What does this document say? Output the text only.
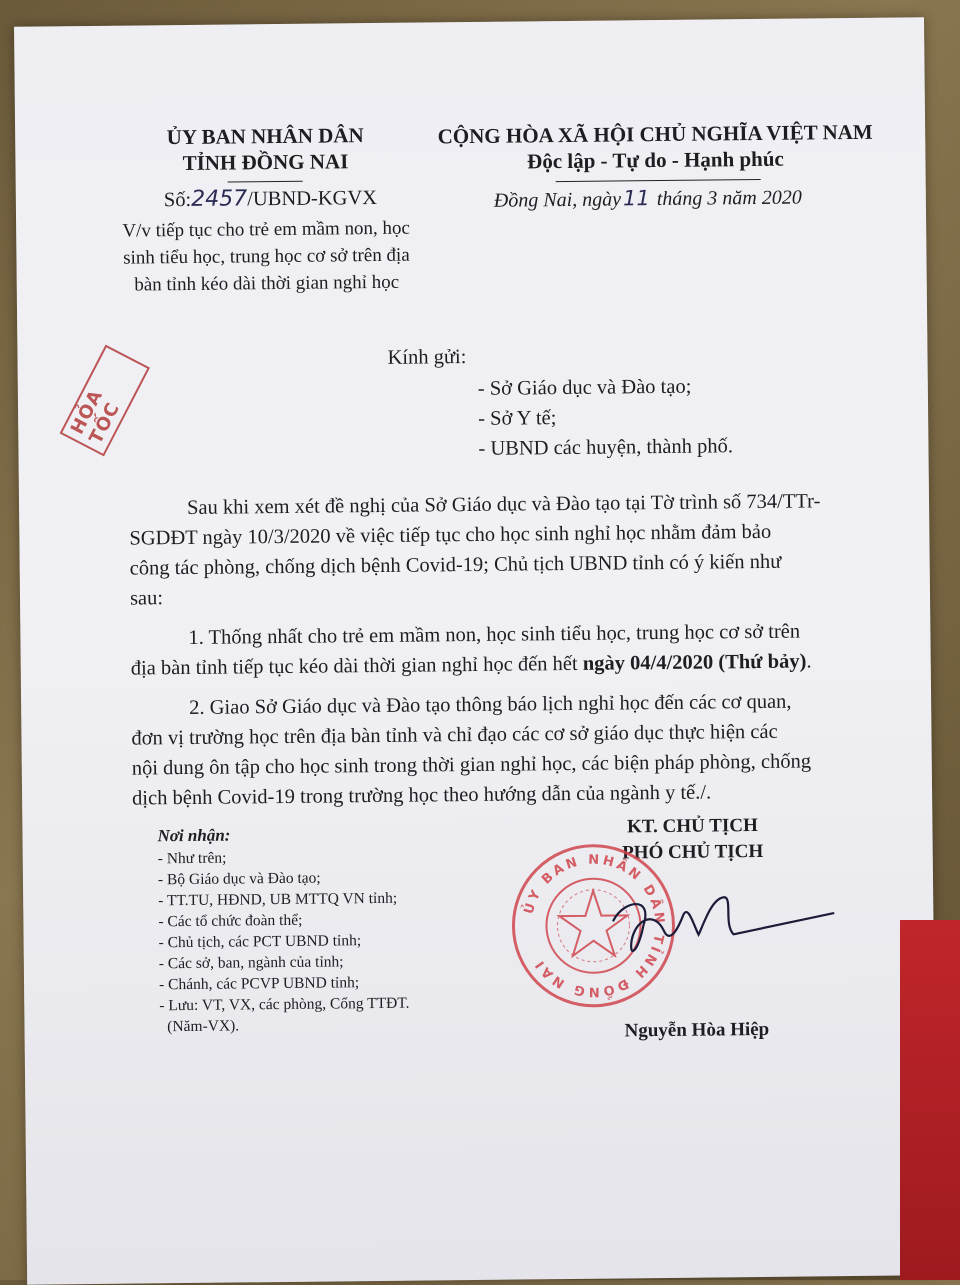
ỦY BAN NHÂN DÂN
TỈNH ĐỒNG NAI
Số:2457/UBND-KGVX
V/v tiếp tục cho trẻ em mầm non, học
sinh tiểu học, trung học cơ sở trên địa
bàn tỉnh kéo dài thời gian nghỉ học
CỘNG HÒA XÃ HỘI CHỦ NGHĨA VIỆT NAM
Độc lập - Tự do - Hạnh phúc
Đồng Nai, ngày11 tháng 3 năm 2020
HỎA TỐC
Kính gửi:
- Sở Giáo dục và Đào tạo;
- Sở Y tế;
- UBND các huyện, thành phố.
Sau khi xem xét đề nghị của Sở Giáo dục và Đào tạo tại Tờ trình số 734/TTr-
SGDĐT ngày 10/3/2020 về việc tiếp tục cho học sinh nghỉ học nhằm đảm bảo
công tác phòng, chống dịch bệnh Covid-19; Chủ tịch UBND tỉnh có ý kiến như
sau:
1. Thống nhất cho trẻ em mầm non, học sinh tiểu học, trung học cơ sở trên
địa bàn tỉnh tiếp tục kéo dài thời gian nghỉ học đến hết ngày 04/4/2020 (Thứ bảy).
2. Giao Sở Giáo dục và Đào tạo thông báo lịch nghỉ học đến các cơ quan,
đơn vị trường học trên địa bàn tỉnh và chỉ đạo các cơ sở giáo dục thực hiện các
nội dung ôn tập cho học sinh trong thời gian nghỉ học, các biện pháp phòng, chống
dịch bệnh Covid-19 trong trường học theo hướng dẫn của ngành y tế./.
Nơi nhận:
- Như trên;
- Bộ Giáo dục và Đào tạo;
- TT.TU, HĐND, UB MTTQ VN tỉnh;
- Các tổ chức đoàn thể;
- Chủ tịch, các PCT UBND tỉnh;
- Các sở, ban, ngành của tỉnh;
- Chánh, các PCVP UBND tỉnh;
- Lưu: VT, VX, các phòng, Cổng TTĐT.
(Năm-VX).
KT. CHỦ TỊCH
PHÓ CHỦ TỊCH
ỦY BAN NHÂN DÂN TỈNH ĐỒNG NAI
Nguyễn Hòa Hiệp
